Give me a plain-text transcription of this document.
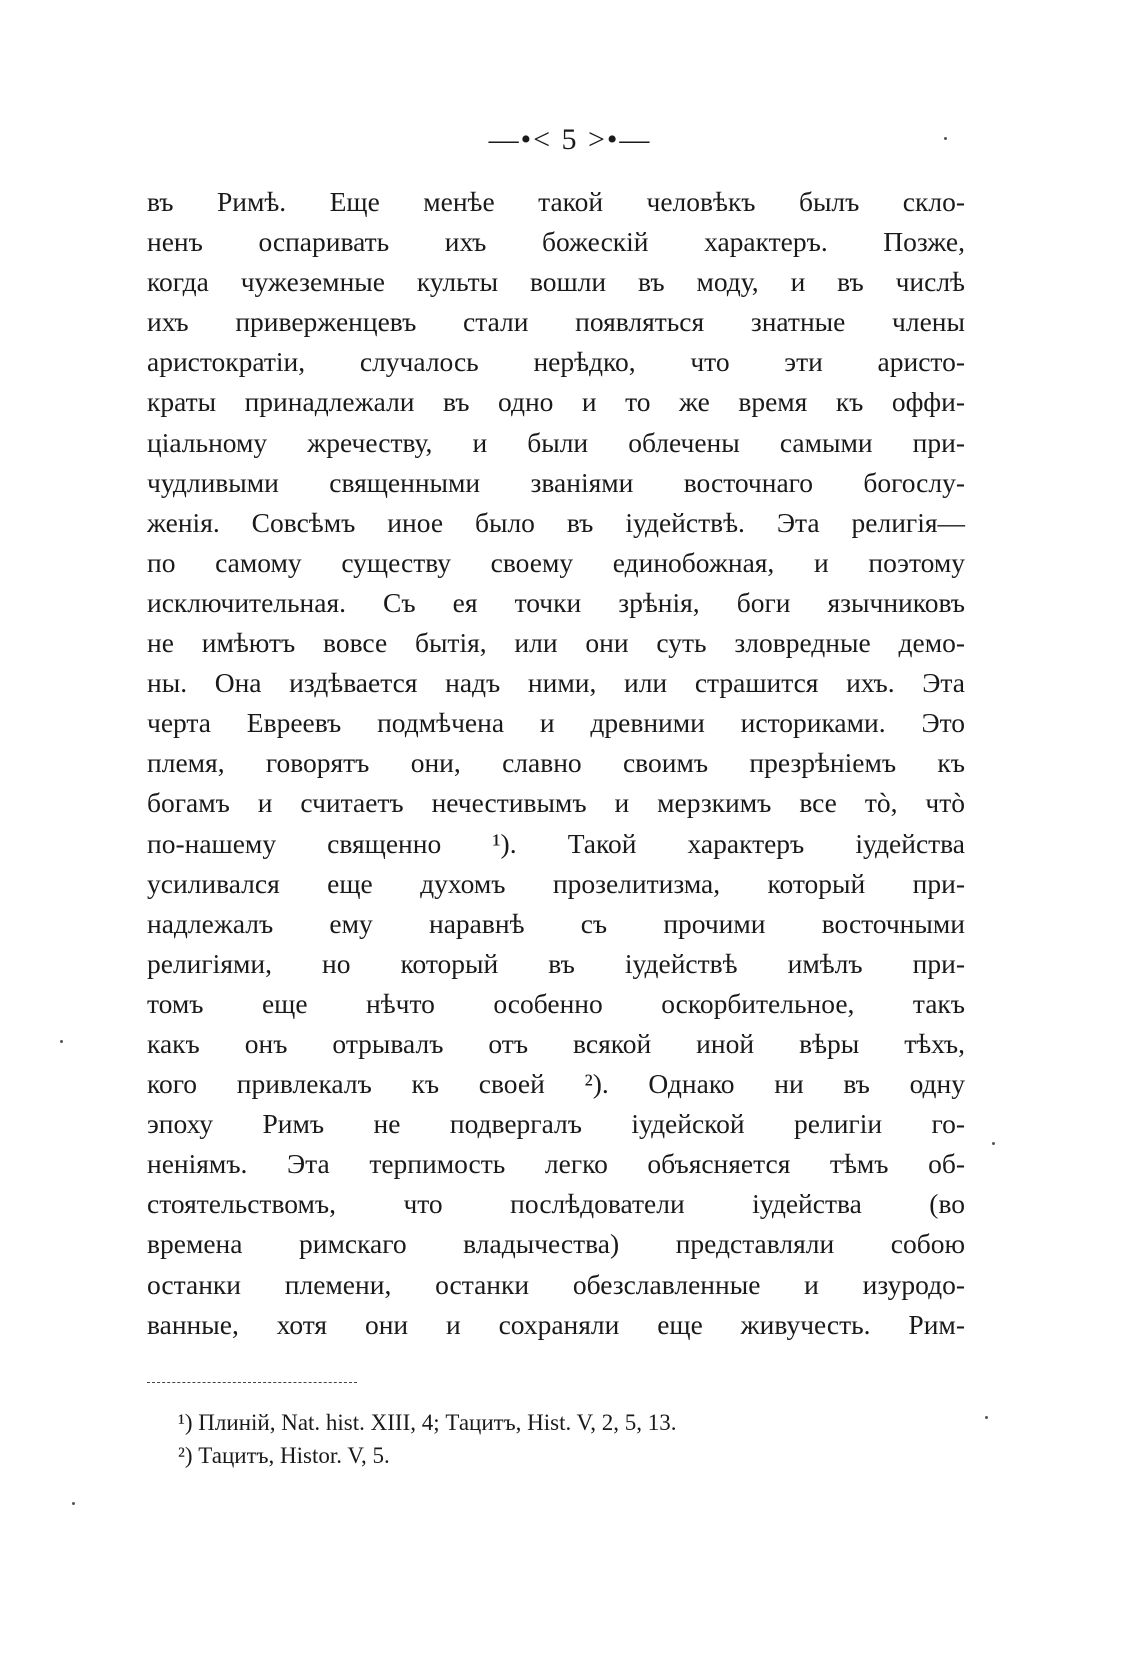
—•< 5 >•—
въ Римѣ. Еще менѣе такой человѣкъ былъ скло-
ненъ оспаривать ихъ божескій характеръ. Позже,
когда чужеземные культы вошли въ моду, и въ числѣ
ихъ приверженцевъ стали появляться знатные члены
аристократіи, случалось нерѣдко, что эти аристо-
краты принадлежали въ одно и то же время къ оффи-
ціальному жречеству, и были облечены самыми при-
чудливыми священными званіями восточнаго богослу-
женія. Совсѣмъ иное было въ іудействѣ. Эта религія—
по самому существу своему единобожная, и поэтому
исключительная. Съ ея точки зрѣнія, боги язычниковъ
не имѣютъ вовсе бытія, или они суть зловредные демо-
ны. Она издѣвается надъ ними, или страшится ихъ. Эта
черта Евреевъ подмѣчена и древними историками. Это
племя, говорятъ они, славно своимъ презрѣніемъ къ
богамъ и считаетъ нечестивымъ и мерзкимъ все тò, чтò
по-нашему священно ¹). Такой характеръ іудейства
усиливался еще духомъ прозелитизма, который при-
надлежалъ ему наравнѣ съ прочими восточными
религіями, но который въ іудействѣ имѣлъ при-
томъ еще нѣчто особенно оскорбительное, такъ
какъ онъ отрывалъ отъ всякой иной вѣры тѣхъ,
кого привлекалъ къ своей ²). Однако ни въ одну
эпоху Римъ не подвергалъ іудейской религіи го-
неніямъ. Эта терпимость легко объясняется тѣмъ об-
стоятельствомъ, что послѣдователи іудейства (во
времена римскаго владычества) представляли собою
останки племени, останки обезславленные и изуродо-
ванные, хотя они и сохраняли еще живучесть. Рим-
¹) Плиній, Nat. hist. XIII, 4; Тацитъ, Hist. V, 2, 5, 13.
²) Тацитъ, Histor. V, 5.
